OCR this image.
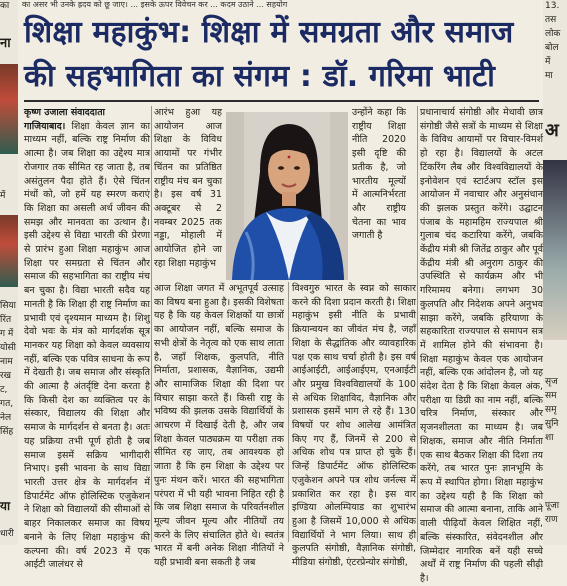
का
ना
में
सिया
रिंत
ग में
योसी
नाम
रख
ट,
गत,
नेल
सिंह
या
धारी
13.
तस
लोक
बोल
में
मा
अ
सृज
सम
समृ
सुनि
शा
पूजा
राण
का असर भी उनके ह्रदय को छू जाए। ... इसके ऊपर विवेचन कर ... कदम उठाने ... सहयोग
शिक्षा महाकुंभ: शिक्षा में समग्रता और समाज
की सहभागिता का संगम : डॉ. गरिमा भाटी

कृष्ण उजाला संवाददाता
गाजियाबाद। शिक्षा केवल ज्ञान का माध्यम नहीं, बल्कि राष्ट्र निर्माण की आत्मा है। जब शिक्षा का उद्देश्य मात्र रोजगार तक सीमित रह जाता है, तब असंतुलन पैदा होते हैं। ऐसे चिंतन मंथों को, जो हमें यह स्मरण कराएं कि शिक्षा का असली अर्थ जीवन की समझ और मानवता का उत्थान है। इसी उद्देश्य से विद्या भारती की प्रेरणा से प्रारंभ हुआ शिक्षा महाकुंभ आज शिक्षा पर समग्रता से चिंतन और समाज की सहभागिता का राष्ट्रीय मंच बन चुका है। विद्या भारती सदैव यह मानती है कि शिक्षा ही राष्ट्र निर्माण का प्रभावी एवं दृश्यमान माध्यम है। शिशु देवो भवः के मंत्र को मार्गदर्शक सूत्र मानकर यह शिक्षा को केवल व्यवसाय नहीं, बल्कि एक पवित्र साधना के रूप में देखती है। जब समाज और संस्कृति की आत्मा है अंतर्दृष्टि देना करता है कि किसी देश का व्यक्तित्व पर के संस्कार, विद्यालय की शिक्षा और समाज के मार्गदर्शन से बनता है। अतः यह प्रक्रिया तभी पूर्ण होती है जब समाज इसमें सक्रिय भागीदारी निभाए। इसी भावना के साथ विद्या भारती उत्तर क्षेत्र के मार्गदर्शन में डिपार्टमेंट ऑफ होलिस्टिक एजुकेशन ने शिक्षा को विद्यालयों की सीमाओं से बाहर निकालकर समाज का विषय बनाने के लिए शिक्षा महाकुंभ की कल्पना की। वर्ष 2023 में एक आईटी जालंधर से

आरंभ हुआ यह आयोजन आज शिक्षा के विविध आयामों पर गंभीर चिंतन का प्रतिष्ठित राष्ट्रीय मंच बन चुका है। इस वर्ष 31 अक्टूबर से 2 नवम्बर 2025 तक नड्डा, मोहाली में आयोजित होने जा रहा शिक्षा महाकुंभ

उन्होंने कहा कि राष्ट्रीय शिक्षा नीति 2020 इसी दृष्टि की प्रतीक है, जो भारतीय मूल्यों में आत्मनिर्भरता और राष्ट्रीय चेतना का भाव जगाती है

आज शिक्षा जगत में अभूतपूर्व उत्साह का विषय बना हुआ है। इसकी विशेषता यह है कि यह केवल शिक्षकों या छात्रों का आयोजन नहीं, बल्कि समाज के सभी क्षेत्रों के नेतृत्व को एक साथ लाता है, जहाँ शिक्षक, कुलपति, नीति निर्माता, प्रशासक, वैज्ञानिक, उद्यमी और सामाजिक शिक्षा की दिशा पर विचार साझा करते हैं। किसी राष्ट्र के भविष्य की झलक उसके विद्यार्थियों के आचरण में दिखाई देती है, और जब शिक्षा केवल पाठ्यक्रम या परीक्षा तक सीमित रह जाए, तब आवश्यक हो जाता है कि हम शिक्षा के उद्देश्य पर पुनः मंथन करें। भारत की सहभागिता परंपरा में भी यही भावना निहित रही है कि जब शिक्षा समाज के परिवर्तनशील मूल्य जीवन मूल्य और नीतियों तय करने के लिए संचालित होते थे। स्वतंत्र भारत में बनी अनेक शिक्षा नीतियों ने यही प्रभावी बना सकती है जब

विश्वगुरु भारत के स्वप्न को साकार करने की दिशा प्रदान करती है। शिक्षा महाकुंभ इसी नीति के प्रभावी क्रियान्वयन का जीवंत मंच है, जहाँ शिक्षा के सैद्धांतिक और व्यावहारिक पक्ष एक साथ चर्चा होती है। इस वर्ष आईआईटी, आईआईएम, एनआईटी और प्रमुख विश्वविद्यालयों के 100 से अधिक शिक्षाविद, वैज्ञानिक और प्रशासक इसमें भाग ले रहे हैं। 130 विषयों पर शोध आलेख आमंत्रित किए गए हैं, जिनमें से 200 से अधिक शोध पत्र प्राप्त हो चुके हैं। जिन्हें डिपार्टमेंट ऑफ होलिस्टिक एजुकेशन अपने पत्र शोध जर्नल्स में प्रकाशित कर रहा है। इस वार इण्डिया ओलम्पियाड का शुभारंभ हुआ है जिसमें 10,000 से अधिक विद्यार्थियों ने भाग लिया। साथ ही कुलपति संगोष्ठी, वैज्ञानिक संगोष्ठी, मीडिया संगोष्ठी, एंटरप्रेन्योर संगोष्ठी,

प्रधानाचार्य संगोष्ठी और मेधावी छात्र संगोष्ठी जैसे सत्रों के माध्यम से शिक्षा के विविध आयामों पर विचार-विमर्श हो रहा है। विद्यालयों के अटल टिंकरिंग लैब और विश्वविद्यालयों के इनोवेशन एवं स्टार्टअप स्टॉल इस आयोजन में नवाचार और अनुसंधान की झलक प्रस्तुत करेंगे। उद्घाटन पंजाब के महामहिम राज्यपाल श्री गुलाब चंद कटारिया करेंगे, जबकि केंद्रीय मंत्री श्री जितेंद्र ठाकुर और पूर्व केंद्रीय मंत्री श्री अनुराग ठाकुर की उपस्थिति से कार्यक्रम और भी गरिमामय बनेगा। लगभग 30 कुलपति और निदेशक अपने अनुभव साझा करेंगे, जबकि हरियाणा के सहकारिता राज्यपाल से समापन सत्र में शामिल होने की संभावना है। शिक्षा महाकुंभ केवल एक आयोजन नहीं, बल्कि एक आंदोलन है, जो यह संदेश देता है कि शिक्षा केवल अंक, परीक्षा या डिग्री का नाम नहीं, बल्कि चरित्र निर्माण, संस्कार और सृजनशीलता का माध्यम है। जब शिक्षक, समाज और नीति निर्माता एक साथ बैठकर शिक्षा की दिशा तय करेंगे, तब भारत पुनः ज्ञानभूमि के रूप में स्थापित होगा। शिक्षा महाकुंभ का उद्देश्य यही है कि शिक्षा को समाज की आत्मा बनाना, ताकि आने वाली पीढ़ियाँ केवल शिक्षित नहीं, बल्कि संस्कारित, संवेदनशील और जिम्मेदार नागरिक बनें यही सच्चे अर्थों में राष्ट्र निर्माण की पहली सीढ़ी है।
